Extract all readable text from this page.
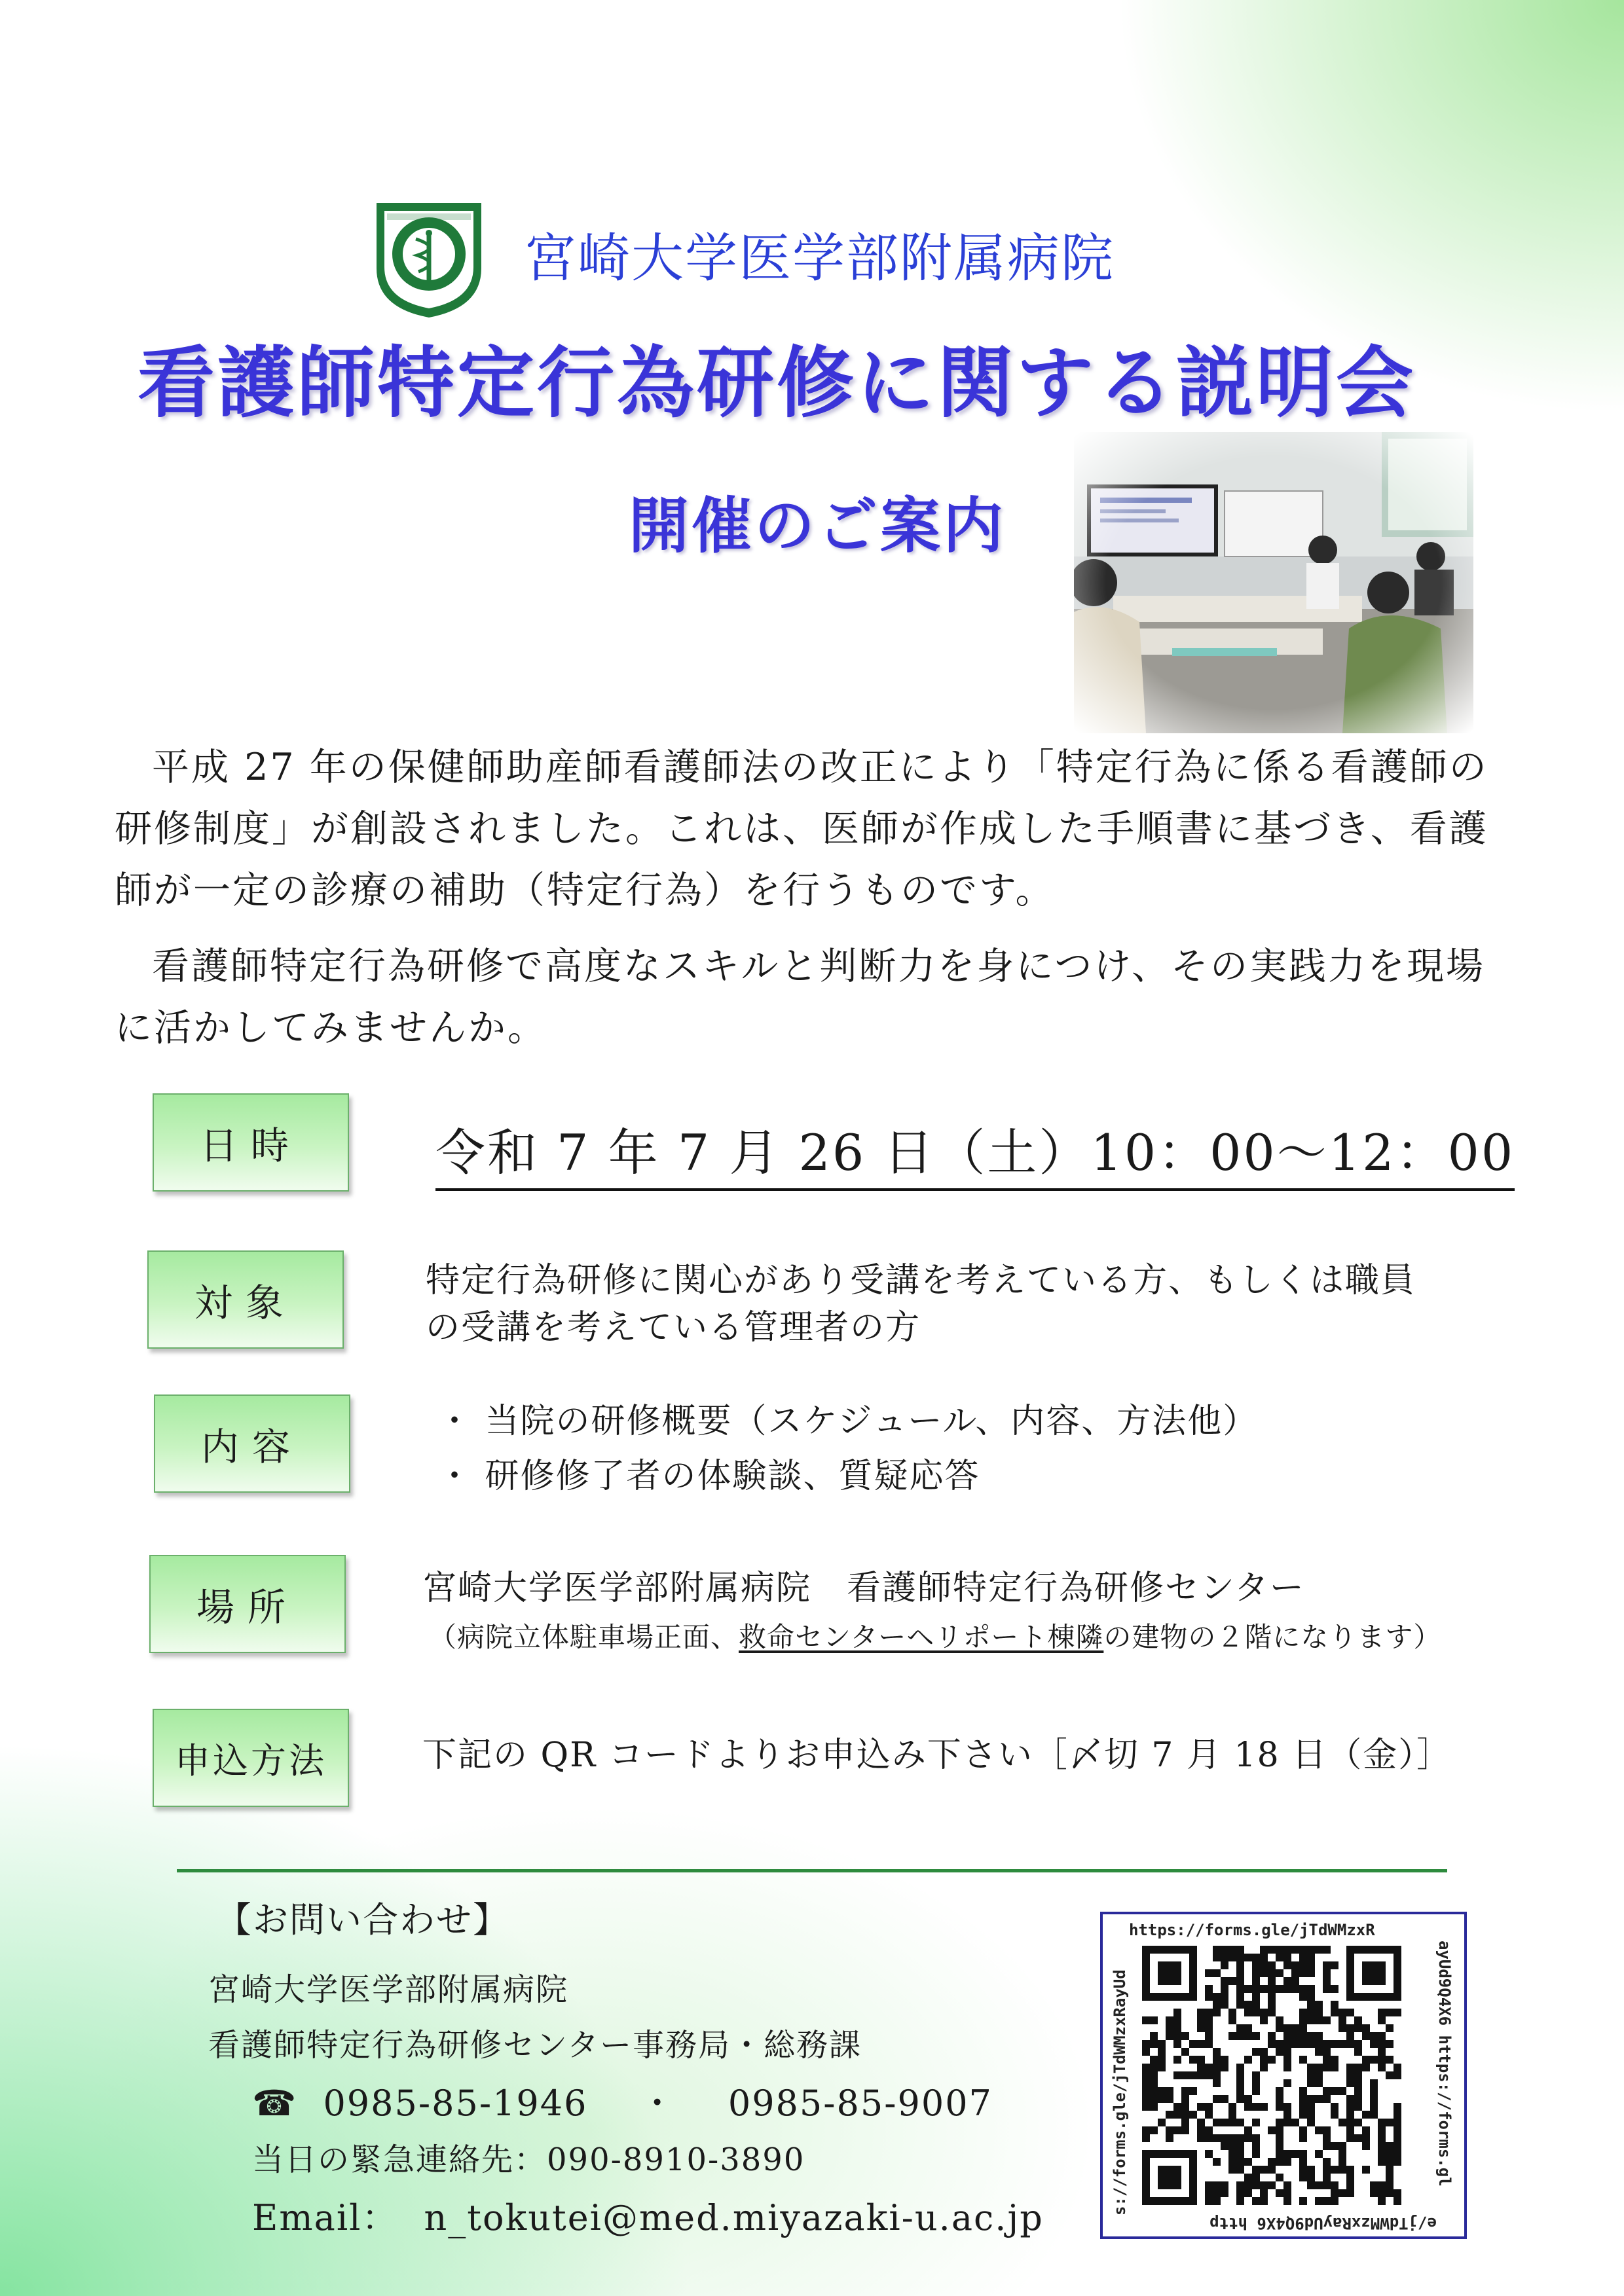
宮崎大学医学部附属病院
看護師特定行為研修に関する説明会
開催のご案内

平成 27 年の保健師助産師看護師法の改正により「特定行為に係る看護師の研修制度」が創設されました。これは、医師が作成した手順書に基づき、看護師が一定の診療の補助（特定行為）を行うものです。

看護師特定行為研修で高度なスキルと判断力を身につけ、その実践力を現場に活かしてみませんか。

日時	令和 7 年 7 月 26 日（土）10：00〜12：00
対象	特定行為研修に関心があり受講を考えている方、もしくは職員
の受講を考えている管理者の方
内容
・ 当院の研修概要（スケジュール、内容、方法他）
・ 研修修了者の体験談、質疑応答
場所	宮崎大学医学部附属病院　看護師特定行為研修センター
（病院立体駐車場正面、救命センターヘリポート棟隣の建物の２階になります）
申込方法	下記の QR コードよりお申込み下さい［〆切 7 月 18 日（金）］
【お問い合わせ】
宮崎大学医学部附属病院
看護師特定行為研修センター事務局・総務課
☎ 0985-85-1946 ・ 0985-85-9007
当日の緊急連絡先：090-8910-3890
Email： n_tokutei@med.miyazaki-u.ac.jp
https://forms.gle/jTdWMzxR
ayUd9Q4X6 https://forms.gl
e/jTdWMzxRayUd9Q4X6 http
s://forms.gle/jTdWMzxRayUd
